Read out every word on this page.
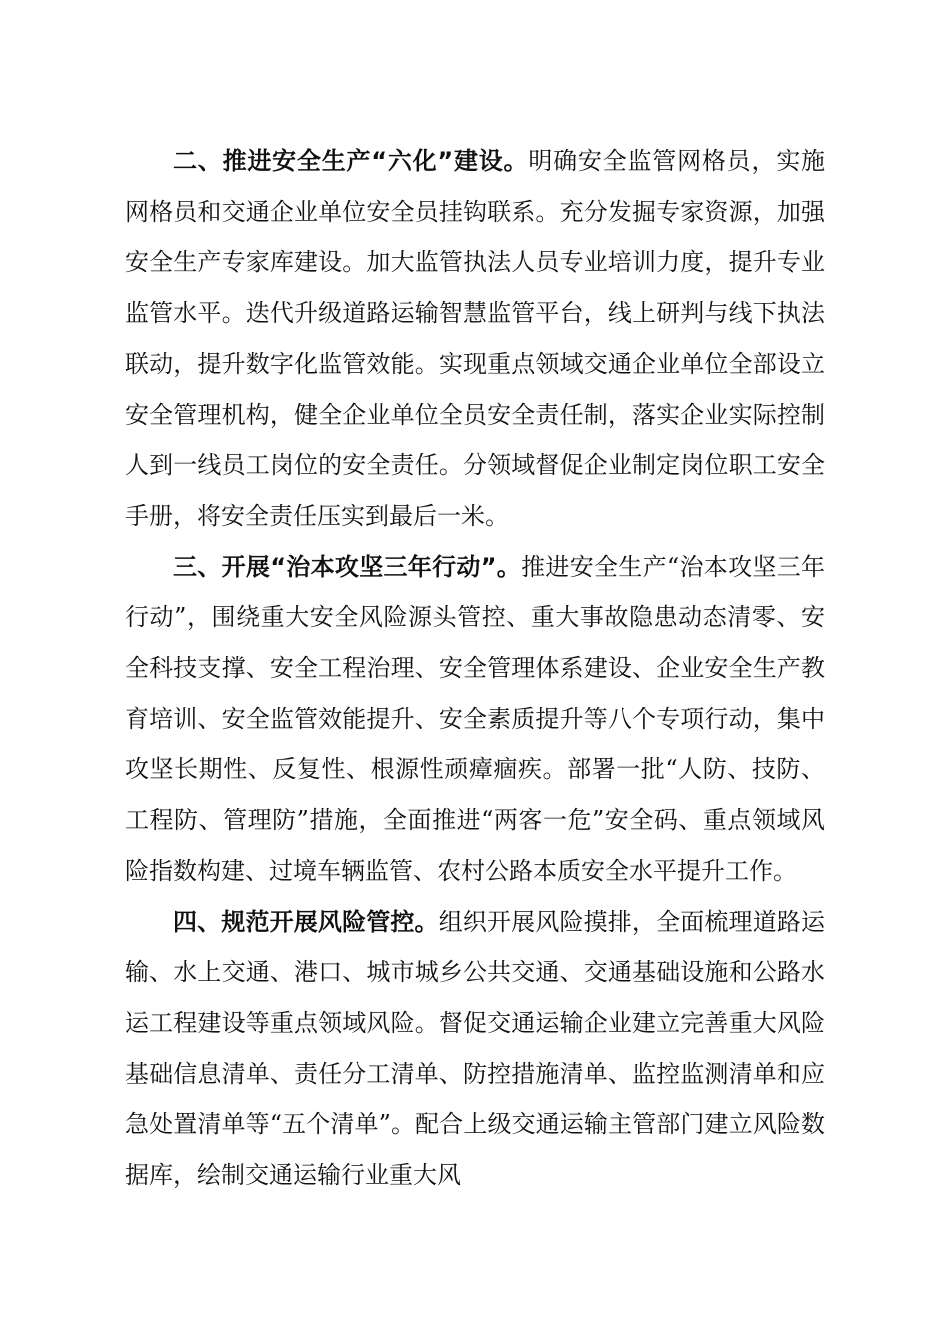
二、推进安全生产“六化”建设。明确安全监管网格员，实施网格员和交通企业单位安全员挂钩联系。充分发掘专家资源，加强安全生产专家库建设。加大监管执法人员专业培训力度，提升专业监管水平。迭代升级道路运输智慧监管平台，线上研判与线下执法联动，提升数字化监管效能。实现重点领域交通企业单位全部设立安全管理机构，健全企业单位全员安全责任制，落实企业实际控制人到一线员工岗位的安全责任。分领域督促企业制定岗位职工安全手册，将安全责任压实到最后一米。

三、开展“治本攻坚三年行动”。推进安全生产“治本攻坚三年行动”，围绕重大安全风险源头管控、重大事故隐患动态清零、安全科技支撑、安全工程治理、安全管理体系建设、企业安全生产教育培训、安全监管效能提升、安全素质提升等八个专项行动，集中攻坚长期性、反复性、根源性顽瘴痼疾。部署一批“人防、技防、工程防、管理防”措施，全面推进“两客一危”安全码、重点领域风险指数构建、过境车辆监管、农村公路本质安全水平提升工作。

四、规范开展风险管控。组织开展风险摸排，全面梳理道路运输、水上交通、港口、城市城乡公共交通、交通基础设施和公路水运工程建设等重点领域风险。督促交通运输企业建立完善重大风险基础信息清单、责任分工清单、防控措施清单、监控监测清单和应急处置清单等“五个清单”。配合上级交通运输主管部门建立风险数据库，绘制交通运输行业重大风
